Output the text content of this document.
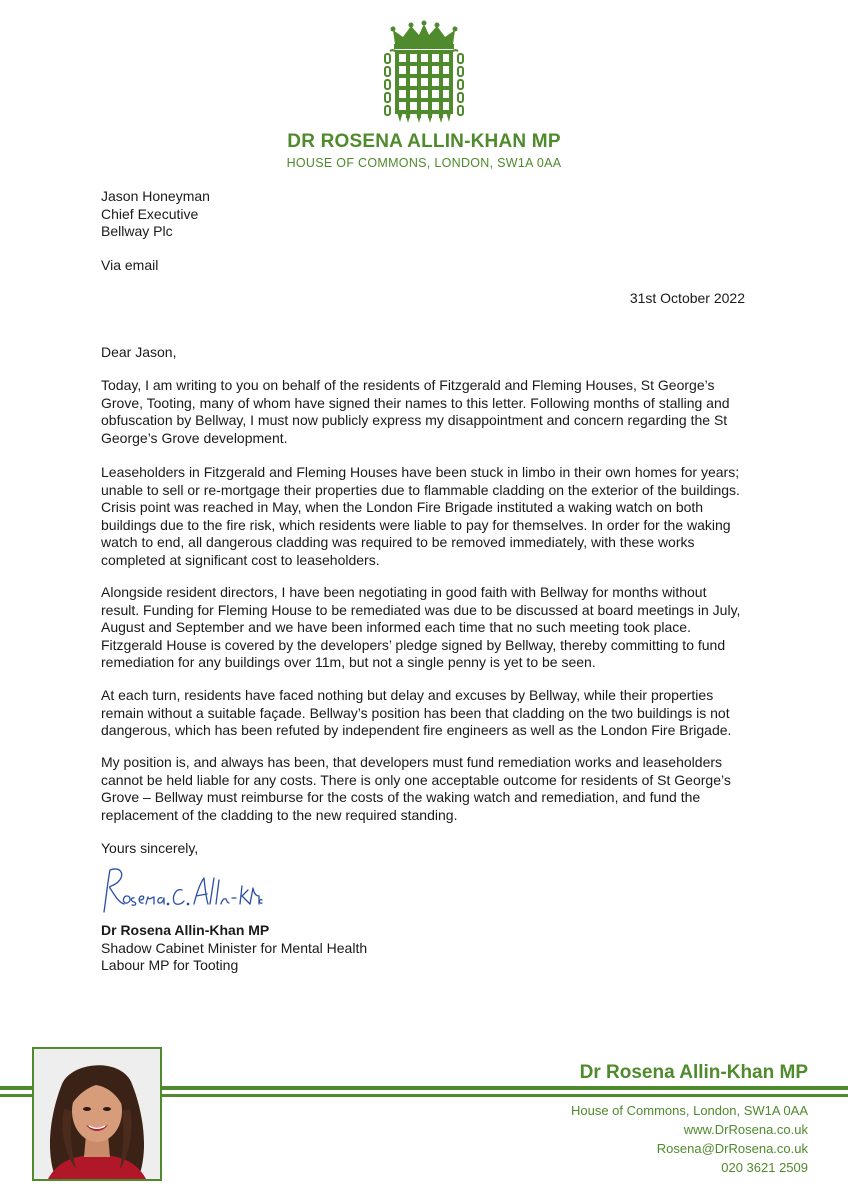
DR ROSENA ALLIN-KHAN MP
HOUSE OF COMMONS, LONDON, SW1A 0AA
Jason Honeyman
Chief Executive
Bellway Plc
Via email
31st October 2022
Dear Jason,
Today, I am writing to you on behalf of the residents of Fitzgerald and Fleming Houses, St George’s
Grove, Tooting, many of whom have signed their names to this letter. Following months of stalling and
obfuscation by Bellway, I must now publicly express my disappointment and concern regarding the St
George’s Grove development.
Leaseholders in Fitzgerald and Fleming Houses have been stuck in limbo in their own homes for years;
unable to sell or re-mortgage their properties due to flammable cladding on the exterior of the buildings.
Crisis point was reached in May, when the London Fire Brigade instituted a waking watch on both
buildings due to the fire risk, which residents were liable to pay for themselves. In order for the waking
watch to end, all dangerous cladding was required to be removed immediately, with these works
completed at significant cost to leaseholders.
Alongside resident directors, I have been negotiating in good faith with Bellway for months without
result. Funding for Fleming House to be remediated was due to be discussed at board meetings in July,
August and September and we have been informed each time that no such meeting took place.
Fitzgerald House is covered by the developers’ pledge signed by Bellway, thereby committing to fund
remediation for any buildings over 11m, but not a single penny is yet to be seen.
At each turn, residents have faced nothing but delay and excuses by Bellway, while their properties
remain without a suitable façade. Bellway’s position has been that cladding on the two buildings is not
dangerous, which has been refuted by independent fire engineers as well as the London Fire Brigade.
My position is, and always has been, that developers must fund remediation works and leaseholders
cannot be held liable for any costs. There is only one acceptable outcome for residents of St George’s
Grove – Bellway must reimburse for the costs of the waking watch and remediation, and fund the
replacement of the cladding to the new required standing.
Yours sincerely,
Rosena. C. Allin-Khan
Dr Rosena Allin-Khan MP
Shadow Cabinet Minister for Mental Health
Labour MP for Tooting
Dr Rosena Allin-Khan MP
House of Commons, London, SW1A 0AA
www.DrRosena.co.uk
Rosena@DrRosena.co.uk
020 3621 2509
